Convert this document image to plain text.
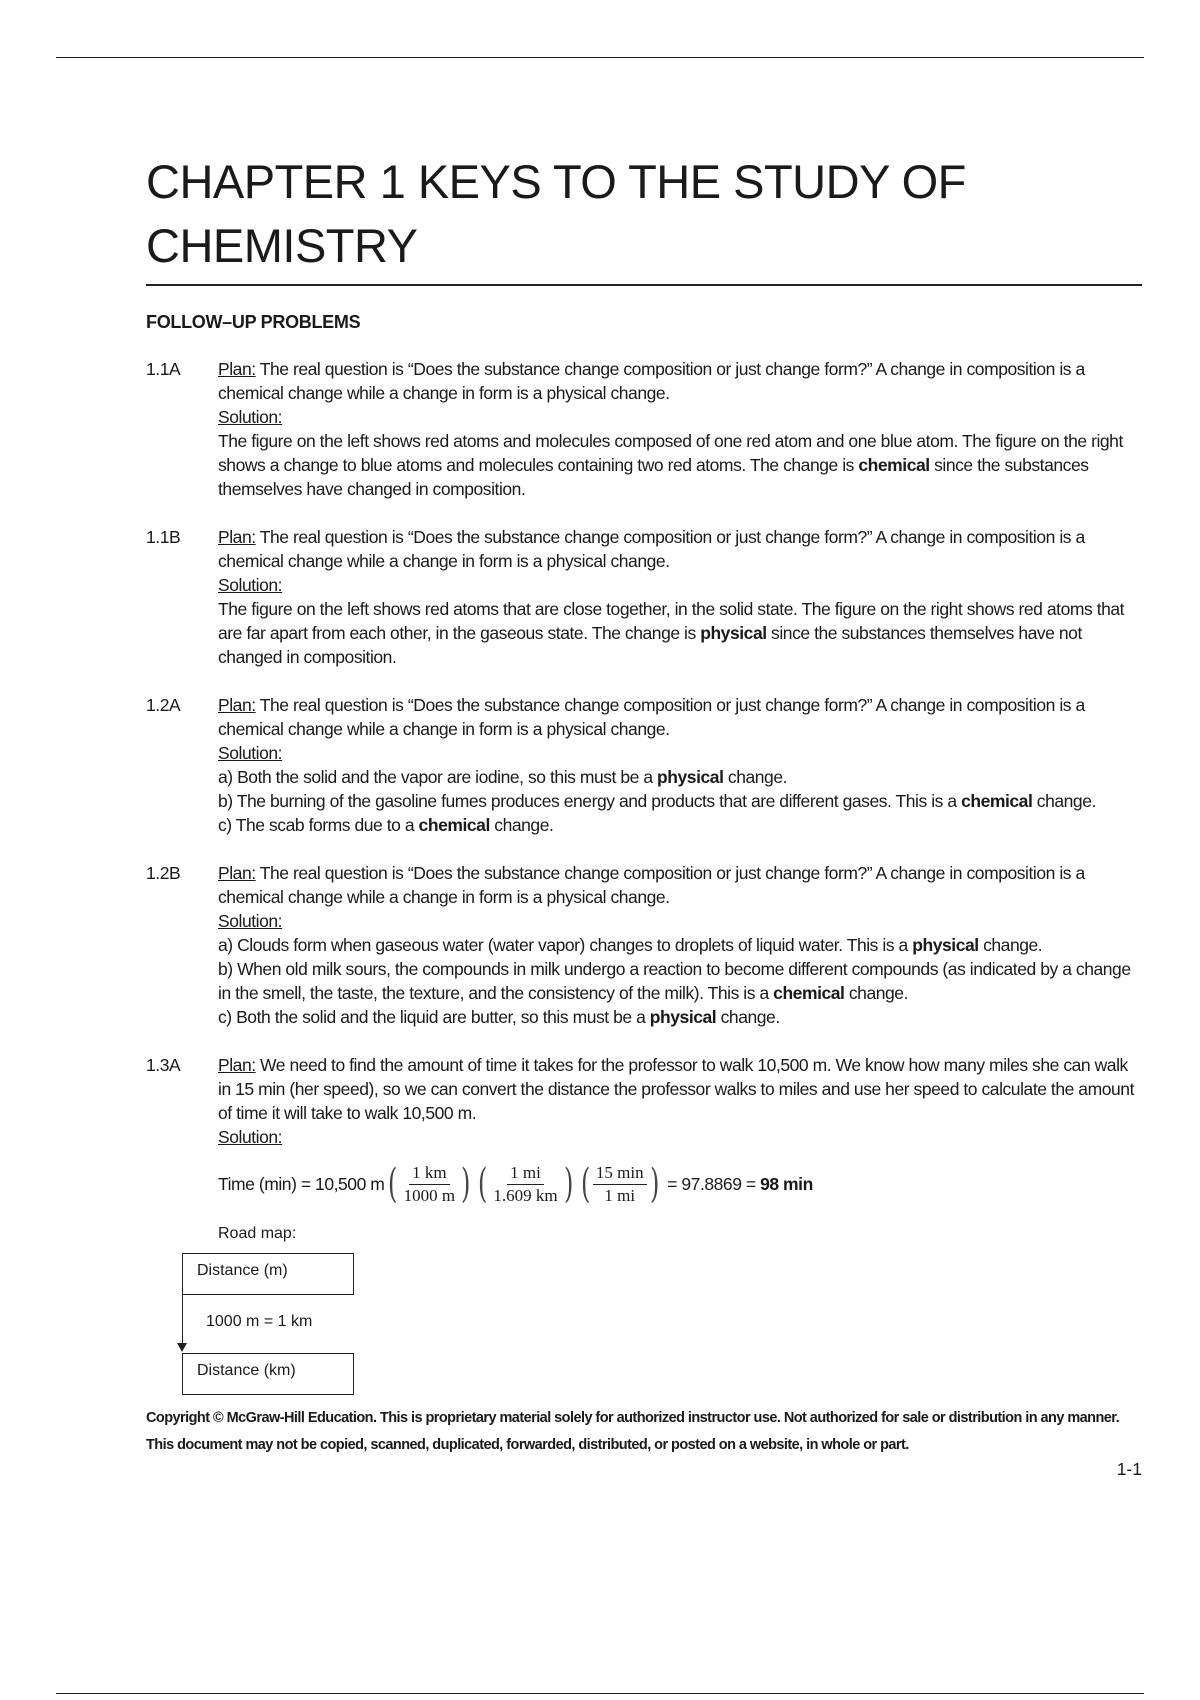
CHAPTER 1 KEYS TO THE STUDY OF CHEMISTRY
FOLLOW–UP PROBLEMS
1.1A Plan: The real question is “Does the substance change composition or just change form?” A change in composition is a chemical change while a change in form is a physical change.

Solution:

The figure on the left shows red atoms and molecules composed of one red atom and one blue atom. The figure on the right shows a change to blue atoms and molecules containing two red atoms. The change is chemical since the substances themselves have changed in composition.

1.1B Plan: The real question is “Does the substance change composition or just change form?” A change in composition is a chemical change while a change in form is a physical change.

Solution:

The figure on the left shows red atoms that are close together, in the solid state. The figure on the right shows red atoms that are far apart from each other, in the gaseous state. The change is physical since the substances themselves have not changed in composition.

1.2A Plan: The real question is “Does the substance change composition or just change form?” A change in composition is a chemical change while a change in form is a physical change.

Solution:

a) Both the solid and the vapor are iodine, so this must be a physical change.

b) The burning of the gasoline fumes produces energy and products that are different gases. This is a chemical change.

c) The scab forms due to a chemical change.

1.2B Plan: The real question is “Does the substance change composition or just change form?” A change in composition is a chemical change while a change in form is a physical change.

Solution:

a) Clouds form when gaseous water (water vapor) changes to droplets of liquid water. This is a physical change.

b) When old milk sours, the compounds in milk undergo a reaction to become different compounds (as indicated by a change in the smell, the taste, the texture, and the consistency of the milk). This is a chemical change.

c) Both the solid and the liquid are butter, so this must be a physical change.

1.3A Plan: We need to find the amount of time it takes for the professor to walk 10,500 m. We know how many miles she can walk in 15 min (her speed), so we can convert the distance the professor walks to miles and use her speed to calculate the amount of time it will take to walk 10,500 m.

Solution:

Time (min) = 10,500 m ( $\frac{1 km}{1000 m}$ ) ( $\frac{1 mi}{1.609 km}$ ) ( $\frac{15 \min}{1 mi}$ ) = 97.8869 = 98 min
Road map:
Distance (m)
1000 m = 1 km
Distance (km)
Copyright © McGraw-Hill Education. This is proprietary material solely for authorized instructor use. Not authorized for sale or distribution in any manner. This document may not be copied, scanned, duplicated, forwarded, distributed, or posted on a website, in whole or part.
1-1
